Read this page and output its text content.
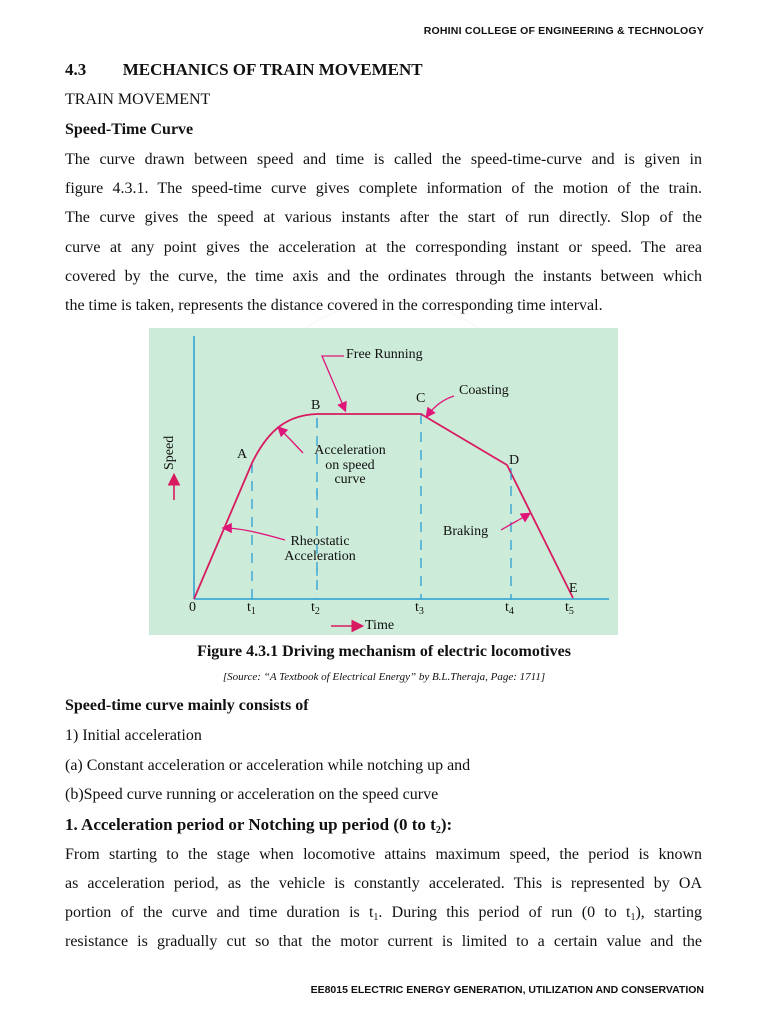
ROHINI COLLEGE OF ENGINEERING & TECHNOLOGY
4.3 MECHANICS OF TRAIN MOVEMENT
TRAIN MOVEMENT
Speed-Time Curve
The curve drawn between speed and time is called the speed-time-curve and is given in
figure 4.3.1. The speed-time curve gives complete information of the motion of the train.
The curve gives the speed at various instants after the start of run directly. Slop of the
curve at any point gives the acceleration at the corresponding instant or speed. The area
covered by the curve, the time axis and the ordinates through the instants between which
the time is taken, represents the distance covered in the corresponding time interval.
Free Running
Coasting
B	C
A	D
E
Acceleration
on speed
curve
Braking
Rheostatic
Acceleration
Speed
0	$t_1$	$t_2$	$t_3$	$t_4$	$t_5$
Time
Figure 4.3.1 Driving mechanism of electric locomotives
[Source: “A Textbook of Electrical Energy” by B.L.Theraja, Page: 1711]
Speed-time curve mainly consists of
1) Initial acceleration
(a) Constant acceleration or acceleration while notching up and
(b)Speed curve running or acceleration on the speed curve
1. Acceleration period or Notching up period (0 to $t_2$):
From starting to the stage when locomotive attains maximum speed, the period is known
as acceleration period, as the vehicle is constantly accelerated. This is represented by OA
portion of the curve and time duration is $t_1$. During this period of run (0 to $t_1$), starting
resistance is gradually cut so that the motor current is limited to a certain value and the
EE8015 ELECTRIC ENERGY GENERATION, UTILIZATION AND CONSERVATION
